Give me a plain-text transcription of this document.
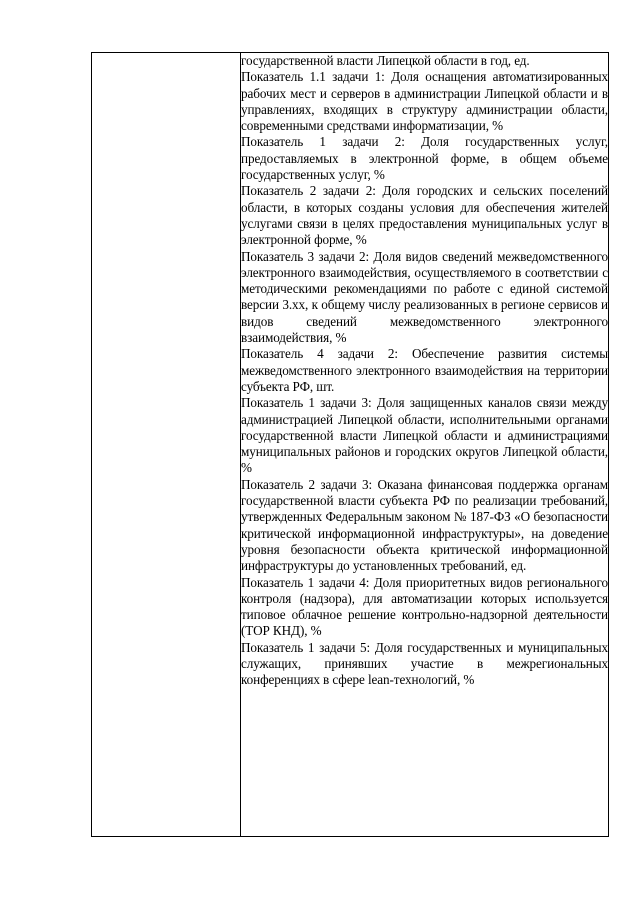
государственной власти Липецкой области в год, ед.

Показатель 1.1 задачи 1: Доля оснащения автоматизированных рабочих мест и серверов в администрации Липецкой области и в управлениях, входящих в структуру администрации области, современными средствами информатизации, %

Показатель 1 задачи 2: Доля государственных услуг, предоставляемых в электронной форме, в общем объеме государственных услуг, %

Показатель 2 задачи 2: Доля городских и сельских поселений области, в которых созданы условия для обеспечения жителей услугами связи в целях предоставления муниципальных услуг в электронной форме, %

Показатель 3 задачи 2: Доля видов сведений межведомственного электронного взаимодействия, осуществляемого в соответствии с методическими рекомендациями по работе с единой системой версии 3.xx, к общему числу реализованных в регионе сервисов и видов сведений межведомственного электронного взаимодействия, %

Показатель 4 задачи 2: Обеспечение развития системы межведомственного электронного взаимодействия на территории субъекта РФ, шт.

Показатель 1 задачи 3: Доля защищенных каналов связи между администрацией Липецкой области, исполнительными органами государственной власти Липецкой области и администрациями муниципальных районов и городских округов Липецкой области, %

Показатель 2 задачи 3: Оказана финансовая поддержка органам государственной власти субъекта РФ по реализации требований, утвержденных Федеральным законом № 187-ФЗ «О безопасности критической информационной инфраструктуры», на доведение уровня безопасности объекта критической информационной инфраструктуры до установленных требований, ед.

Показатель 1 задачи 4: Доля приоритетных видов регионального контроля (надзора), для автоматизации которых используется типовое облачное решение контрольно-надзорной деятельности (ТОР КНД), %

Показатель 1 задачи 5: Доля государственных и муниципальных служащих, принявших участие в межрегиональных конференциях в сфере lean-технологий, %
